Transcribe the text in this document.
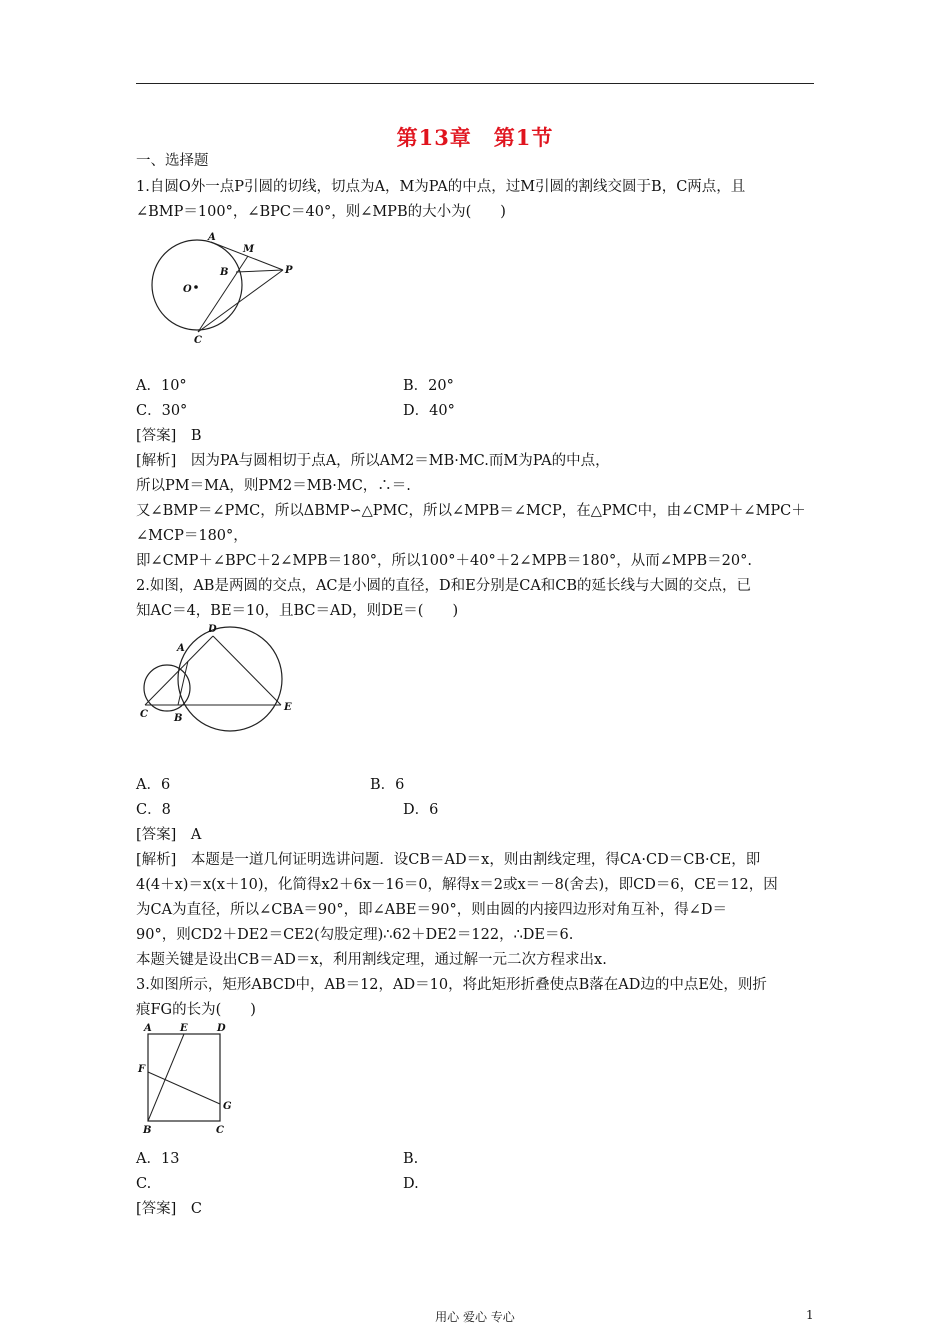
第13章　第1节
一、选择题
1.自圆O外一点P引圆的切线，切点为A，M为PA的中点，过M引圆的割线交圆于B，C两点，且
∠BMP＝100°，∠BPC＝40°，则∠MPB的大小为(　　)
A
M
B	P
O
C
A．10°	B．20°
C．30°	D．40°
[答案]　B
[解析]　因为PA与圆相切于点A，所以AM2＝MB·MC.而M为PA的中点，
所以PM＝MA，则PM2＝MB·MC，∴＝.
又∠BMP＝∠PMC，所以ΔBMP∽△PMC，所以∠MPB＝∠MCP，在△PMC中，由∠CMP＋∠MPC＋
∠MCP＝180°，
即∠CMP＋∠BPC＋2∠MPB＝180°，所以100°＋40°＋2∠MPB＝180°，从而∠MPB＝20°.
2.如图，AB是两圆的交点，AC是小圆的直径，D和E分别是CA和CB的延长线与大圆的交点，已
知AC＝4，BE＝10，且BC＝AD，则DE＝(　　)
D
A
C	B
E
A．6	B．6
C．8	D．6
[答案]　A
[解析]　本题是一道几何证明选讲问题．设CB＝AD＝x，则由割线定理，得CA·CD＝CB·CE，即
4(4＋x)＝x(x＋10)，化简得x2＋6x－16＝0，解得x＝2或x＝－8(舍去)，即CD＝6，CE＝12，因
为CA为直径，所以∠CBA＝90°，即∠ABE＝90°，则由圆的内接四边形对角互补，得∠D＝
90°，则CD2＋DE2＝CE2(勾股定理)∴62＋DE2＝122，∴DE＝6.
本题关键是设出CB＝AD＝x，利用割线定理，通过解一元二次方程求出x.
3.如图所示，矩形ABCD中，AB＝12，AD＝10，将此矩形折叠使点B落在AD边的中点E处，则折
痕FG的长为(　　)
A	E	D
F
G
B	C
A．13	B.
C.	D.
[答案]　C
用心 爱心 专心	1
